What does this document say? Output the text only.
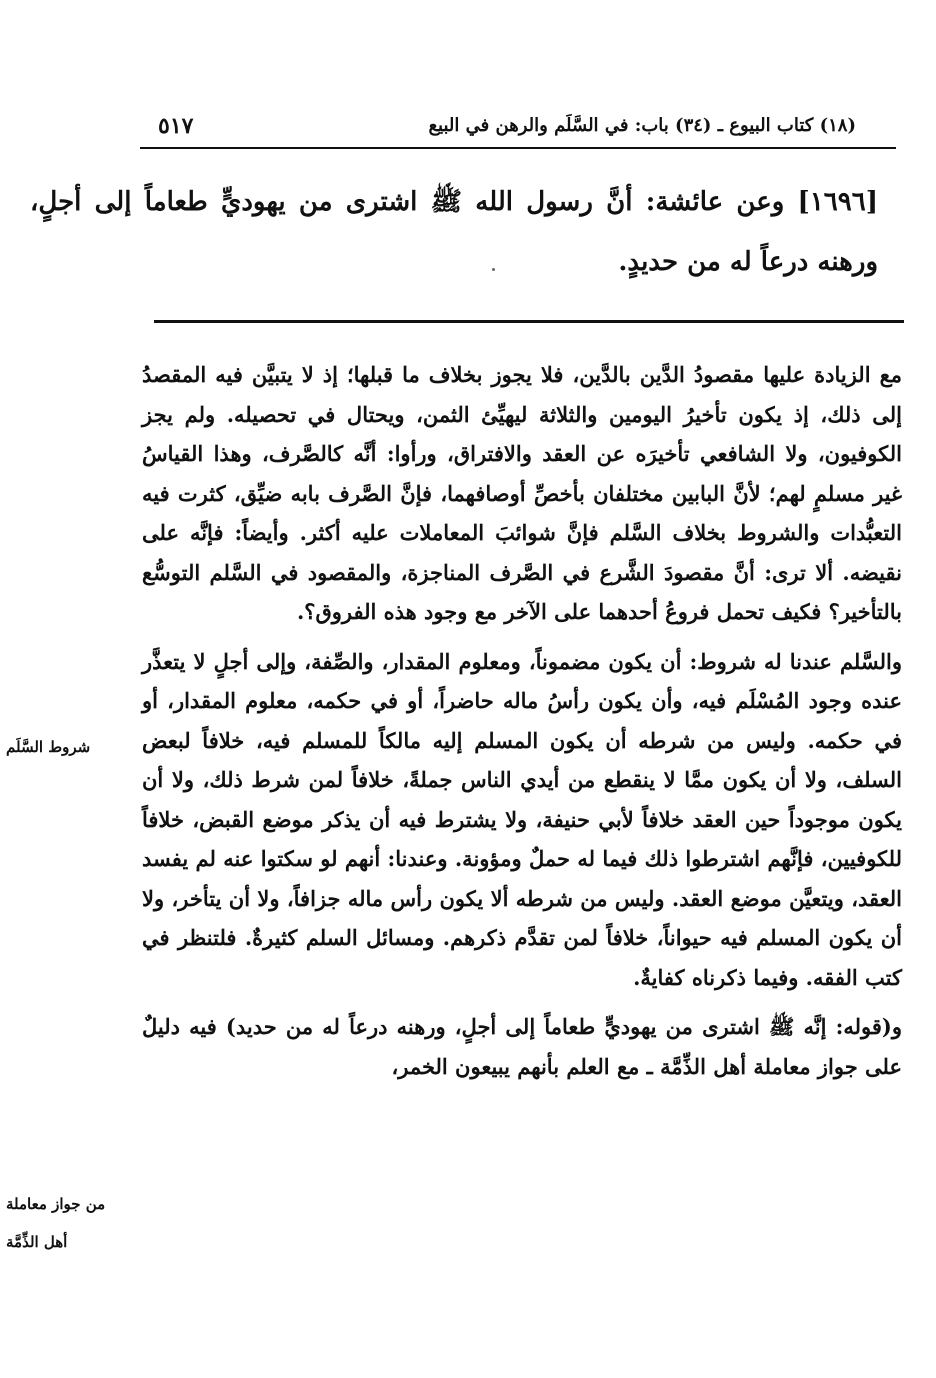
(١٨) كتاب البيوع ـ (٣٤) باب: في السَّلَم والرهن في البيع
٥١٧
[١٦٩٦] وعن عائشة: أنَّ رسول الله ﷺ اشترى من يهوديٍّ طعاماً إلى أجلٍ، ورهنه درعاً له من حديدٍ.

مع الزيادة عليها مقصودُ الدَّين بالدَّين، فلا يجوز بخلاف ما قبلها؛ إذ لا يتبيَّن فيه المقصدُ إلى ذلك، إذ يكون تأخيرُ اليومين والثلاثة ليهيِّئ الثمن، ويحتال في تحصيله. ولم يجز الكوفيون، ولا الشافعي تأخيرَه عن العقد والافتراق، ورأوا: أنَّه كالصَّرف، وهذا القياسُ غير مسلمٍ لهم؛ لأنَّ البابين مختلفان بأخصِّ أوصافهما، فإنَّ الصَّرف بابه ضيِّق، كثرت فيه التعبُّدات والشروط بخلاف السَّلم فإنَّ شوائبَ المعاملات عليه أكثر. وأيضاً: فإنَّه على نقيضه. ألا ترى: أنَّ مقصودَ الشَّرع في الصَّرف المناجزة، والمقصود في السَّلم التوسُّع بالتأخير؟ فكيف تحمل فروعُ أحدهما على الآخر مع وجود هذه الفروق؟.

والسَّلم عندنا له شروط: أن يكون مضموناً، ومعلوم المقدار، والصِّفة، وإلى أجلٍ لا يتعذَّر عنده وجود المُسْلَم فيه، وأن يكون رأسُ ماله حاضراً، أو في حكمه، معلوم المقدار، أو في حكمه. وليس من شرطه أن يكون المسلم إليه مالكاً للمسلم فيه، خلافاً لبعض السلف، ولا أن يكون ممَّا لا ينقطع من أيدي الناس جملةً، خلافاً لمن شرط ذلك، ولا أن يكون موجوداً حين العقد خلافاً لأبي حنيفة، ولا يشترط فيه أن يذكر موضع القبض، خلافاً للكوفيين، فإنَّهم اشترطوا ذلك فيما له حملٌ ومؤونة. وعندنا: أنهم لو سكتوا عنه لم يفسد العقد، ويتعيَّن موضع العقد. وليس من شرطه ألا يكون رأس ماله جزافاً، ولا أن يتأخر، ولا أن يكون المسلم فيه حيواناً، خلافاً لمن تقدَّم ذكرهم. ومسائل السلم كثيرةٌ. فلتنظر في كتب الفقه. وفيما ذكرناه كفايةٌ.

و(قوله: إنَّه ﷺ اشترى من يهوديٍّ طعاماً إلى أجلٍ، ورهنه درعاً له من حديد) فيه دليلٌ على جواز معاملة أهل الذِّمَّة ـ مع العلم بأنهم يبيعون الخمر،

شروط السَّلَم
من جواز معاملة
أهل الذِّمَّة
